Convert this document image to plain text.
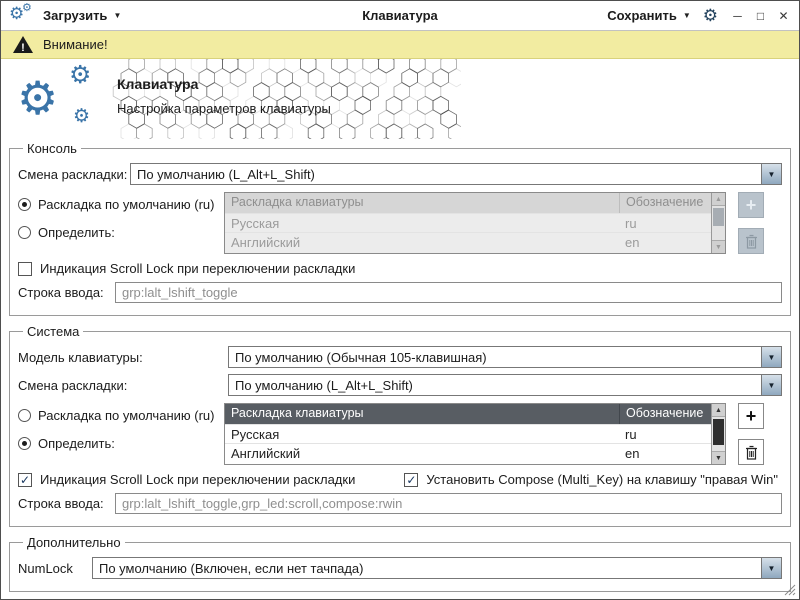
⚙
⚙
Загрузить ▼	Клавиатура	Сохранить ▼ ⚙ ─	□	✕
! Внимание!
⚙ ⚙
⚙
Клавиатура
Настройка параметров клавиатуры
Консоль
Смена раскладки: По умолчанию (L_Alt+L_Shift)	▼
Раскладка по умолчанию (ru)
Определить:
Раскладка клавиатуры	Обозначение
Русская	ru
Английский	en
▲
▼
+
Индикация Scroll Lock при переключении раскладки
Строка ввода:
grp:lalt_lshift_toggle
Система
Модель клавиатуры:	По умолчанию (Обычная 105-клавишная)	▼
Смена раскладки:	По умолчанию (L_Alt+L_Shift)	▼
Раскладка по умолчанию (ru)
Определить:
Раскладка клавиатуры	Обозначение
Русская	ru
Английский	en
▲
▼
+
✓ Индикация Scroll Lock при переключении раскладки	✓ Установить Compose (Multi_Key) на клавишу "правая Win"
Строка ввода:
grp:lalt_lshift_toggle,grp_led:scroll,compose:rwin
Дополнительно
NumLock	По умолчанию (Включен, если нет тачпада)	▼
